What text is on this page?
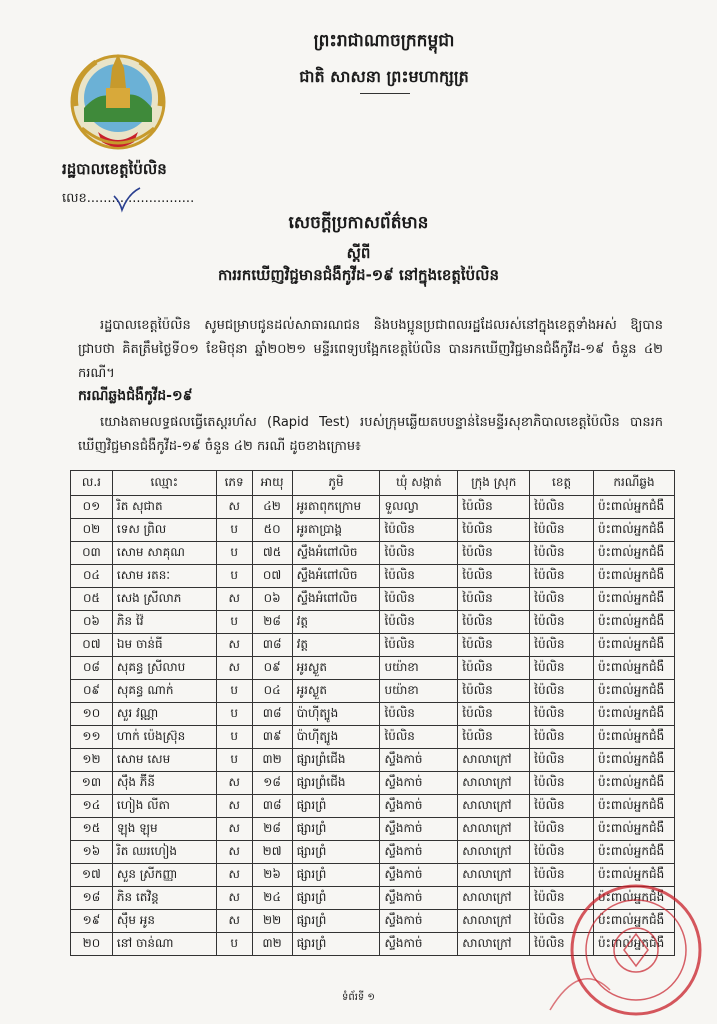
ព្រះរាជាណាចក្រកម្ពុជា
ជាតិ សាសនា ព្រះមហាក្សត្រ
រដ្ឋបាលខេត្តប៉ៃលិន
លេខ..........................
សេចក្តីប្រកាសព័ត៌មាន
ស្តីពី
ការរកឃើញវិជ្ជមានជំងឺកូវីដ-១៩ នៅក្នុងខេត្តប៉ៃលិន
រដ្ឋបាលខេត្តប៉ៃលិន សូមជម្រាបជូនដល់សាធារណជន និងបងប្អូនប្រជាពលរដ្ឋដែលរស់នៅក្នុងខេត្តទាំងអស់ ឱ្យបានជ្រាបថា គិតត្រឹមថ្ងៃទី០១ ខែមិថុនា ឆ្នាំ២០២១ មន្ទីរពេទ្យបង្អែកខេត្តប៉ៃលិន បានរកឃើញវិជ្ជមានជំងឺកូវីដ-១៩ ចំនួន ៤២ ករណី។
ករណីឆ្លងជំងឺកូវីដ-១៩
យោងតាមលទ្ធផលធ្វើតេស្តរហ័ស (Rapid Test) របស់ក្រុមឆ្លើយតបបន្ទាន់នៃមន្ទីរសុខាភិបាលខេត្តប៉ៃលិន បានរកឃើញវិជ្ជមានជំងឺកូវីដ-១៩ ចំនួន ៤២ ករណី ដូចខាងក្រោម៖
ល.រ	ឈ្មោះ	ភេទ	អាយុ	ភូមិ	ឃុំ សង្កាត់	ក្រុង ស្រុក	ខេត្ត	ករណីឆ្លង
០១	រិត សុជាត	ស	៤២	អូរតាពុកក្រោម	ទួលល្វា	ប៉ៃលិន	ប៉ៃលិន	ប៉ះពាល់អ្នកជំងឺ
០២	ទេស ព្រិល	ប	៥០	អូរតាប្រាង្គ	ប៉ៃលិន	ប៉ៃលិន	ប៉ៃលិន	ប៉ះពាល់អ្នកជំងឺ
០៣	សោម សាគុណ	ប	៧៥	ស្ទឹងអំពៅលិច	ប៉ៃលិន	ប៉ៃលិន	ប៉ៃលិន	ប៉ះពាល់អ្នកជំងឺ
០៤	សោម រតនៈ	ប	០៧	ស្ទឹងអំពៅលិច	ប៉ៃលិន	ប៉ៃលិន	ប៉ៃលិន	ប៉ះពាល់អ្នកជំងឺ
០៥	សេង ស្រីលាភ	ស	០៦	ស្ទឹងអំពៅលិច	ប៉ៃលិន	ប៉ៃលិន	ប៉ៃលិន	ប៉ះពាល់អ្នកជំងឺ
០៦	ភិន វ៉ៃ	ប	២៨	វត្ត	ប៉ៃលិន	ប៉ៃលិន	ប៉ៃលិន	ប៉ះពាល់អ្នកជំងឺ
០៧	ឯម ចាន់ធី	ស	៣៨	វត្ត	ប៉ៃលិន	ប៉ៃលិន	ប៉ៃលិន	ប៉ះពាល់អ្នកជំងឺ
០៨	សុគន្ធ ស្រីលាប	ស	០៩	អូរស្ងួត	បយ៉ាខា	ប៉ៃលិន	ប៉ៃលិន	ប៉ះពាល់អ្នកជំងឺ
០៩	សុគន្ធ ណាក់	ប	០៤	អូរស្ងួត	បយ៉ាខា	ប៉ៃលិន	ប៉ៃលិន	ប៉ះពាល់អ្នកជំងឺ
១០	សួរ វណ្ណា	ប	៣៨	ប៉ាហ៊ីត្បូង	ប៉ៃលិន	ប៉ៃលិន	ប៉ៃលិន	ប៉ះពាល់អ្នកជំងឺ
១១	ហាក់ ប៉េងស្រ៊ុន	ប	៣៩	ប៉ាហ៊ីត្បូង	ប៉ៃលិន	ប៉ៃលិន	ប៉ៃលិន	ប៉ះពាល់អ្នកជំងឺ
១២	សោម សេម	ប	៣២	ផ្សារព្រំជើង	ស្ទឹងកាច់	សាលាក្រៅ	ប៉ៃលិន	ប៉ះពាល់អ្នកជំងឺ
១៣	ស៊ឹង ភ៊ីនី	ស	១៨	ផ្សារព្រំជើង	ស្ទឹងកាច់	សាលាក្រៅ	ប៉ៃលិន	ប៉ះពាល់អ្នកជំងឺ
១៤	ហៀង លីតា	ស	៣៨	ផ្សារព្រំ	ស្ទឹងកាច់	សាលាក្រៅ	ប៉ៃលិន	ប៉ះពាល់អ្នកជំងឺ
១៥	ឡុង ឡុម	ស	២៨	ផ្សារព្រំ	ស្ទឹងកាច់	សាលាក្រៅ	ប៉ៃលិន	ប៉ះពាល់អ្នកជំងឺ
១៦	រិត ឈរហៀង	ស	២៧	ផ្សារព្រំ	ស្ទឹងកាច់	សាលាក្រៅ	ប៉ៃលិន	ប៉ះពាល់អ្នកជំងឺ
១៧	សួន ស្រីកញ្ញា	ស	២៦	ផ្សារព្រំ	ស្ទឹងកាច់	សាលាក្រៅ	ប៉ៃលិន	ប៉ះពាល់អ្នកជំងឺ
១៨	ភិន តេវិន្ត	ស	២៤	ផ្សារព្រំ	ស្ទឹងកាច់	សាលាក្រៅ	ប៉ៃលិន	ប៉ះពាល់អ្នកជំងឺ
១៩	ស៊ឹម អូន	ស	២២	ផ្សារព្រំ	ស្ទឹងកាច់	សាលាក្រៅ	ប៉ៃលិន	ប៉ះពាល់អ្នកជំងឺ
២០	នៅ ចាន់ណា	ប	៣២	ផ្សារព្រំ	ស្ទឹងកាច់	សាលាក្រៅ	ប៉ៃលិន	ប៉ះពាល់អ្នកជំងឺ
ទំព័រទី ១
